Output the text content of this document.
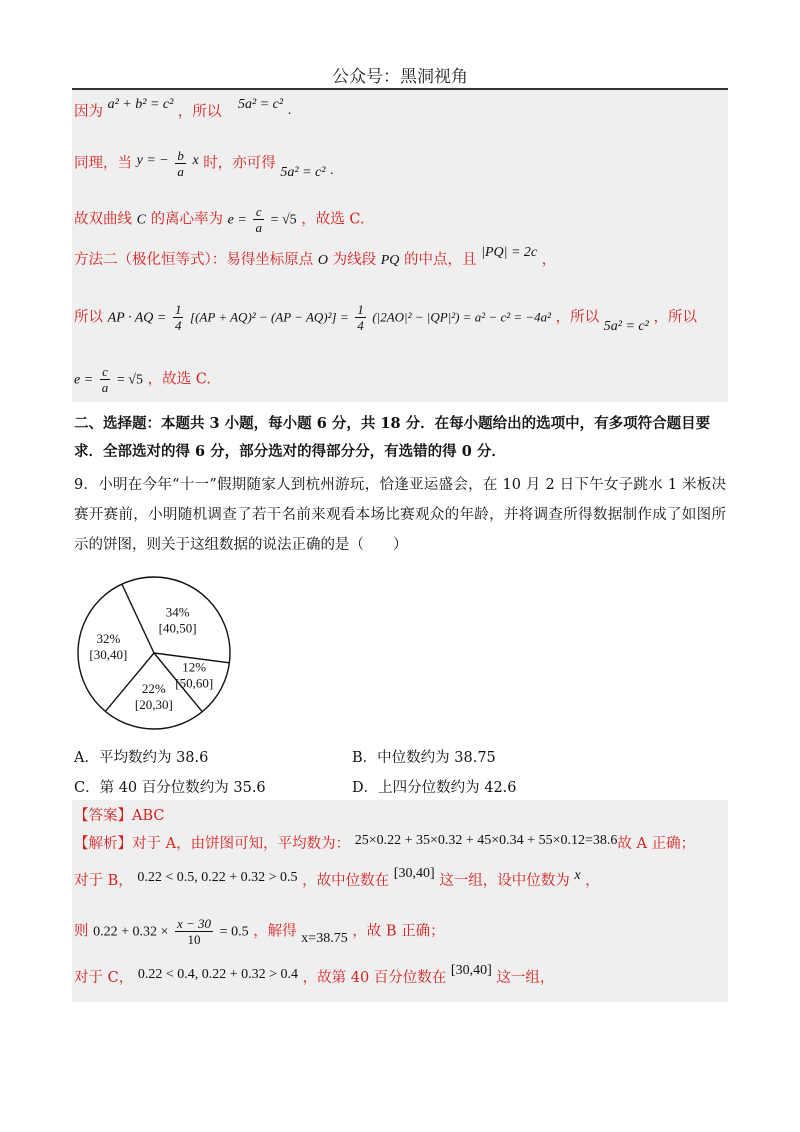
公众号：黑洞视角
因为 a² + b² = c² ，所以 5a² = c² .
同理，当 y = − $\frac{b}{a}$ x 时，亦可得 5a² = c² .
故双曲线 C 的离心率为 $e = \frac{c}{a} = √5$ ，故选 C.
方法二（极化恒等式）：易得坐标原点 O 为线段 PQ 的中点，且 |PQ| = 2c ，
所以 AP · AQ = $\frac{1}{4} [(AP + AQ)^2 - (AP - AQ)^2] = \frac{1}{4} (|2AO|^2 - |QP|^2) = a^2 - c^2 = -4a^2$ ，所以 5a² = c² ，所以
$e = \frac{c}{a} = √5$ ，故选 C.
二、选择题：本题共 3 小题，每小题 6 分，共 18 分．在每小题给出的选项中，有多项符合题目要求．全部选对的得 6 分，部分选对的得部分分，有选错的得 0 分．
9．小明在今年“十一”假期随家人到杭州游玩，恰逢亚运盛会，在 10 月 2 日下午女子跳水 1 米板决赛开赛前，小明随机调查了若干名前来观看本场比赛观众的年龄，并将调查所得数据制作成了如图所示的饼图，则关于这组数据的说法正确的是（　　）
34%
[40,50]
12%
[50,60]
22%
[20,30]
32%
[30,40]
A．平均数约为 38.6	B．中位数约为 38.75
C．第 40 百分位数约为 35.6	D．上四分位数约为 42.6
【答案】ABC
【解析】对于 A，由饼图可知，平均数为： 25×0.22 + 35×0.32 + 45×0.34 + 55×0.12=38.6故 A 正确；
对于 B， 0.22 < 0.5, 0.22 + 0.32 > 0.5 ，故中位数在 [30,40] 这一组，设中位数为 x ，
则 $0.22 + 0.32 \times \frac{x - 30}{10} = 0.5$ ，解得 x=38.75 ，故 B 正确；
对于 C， 0.22 < 0.4, 0.22 + 0.32 > 0.4 ，故第 40 百分位数在 [30,40] 这一组，
